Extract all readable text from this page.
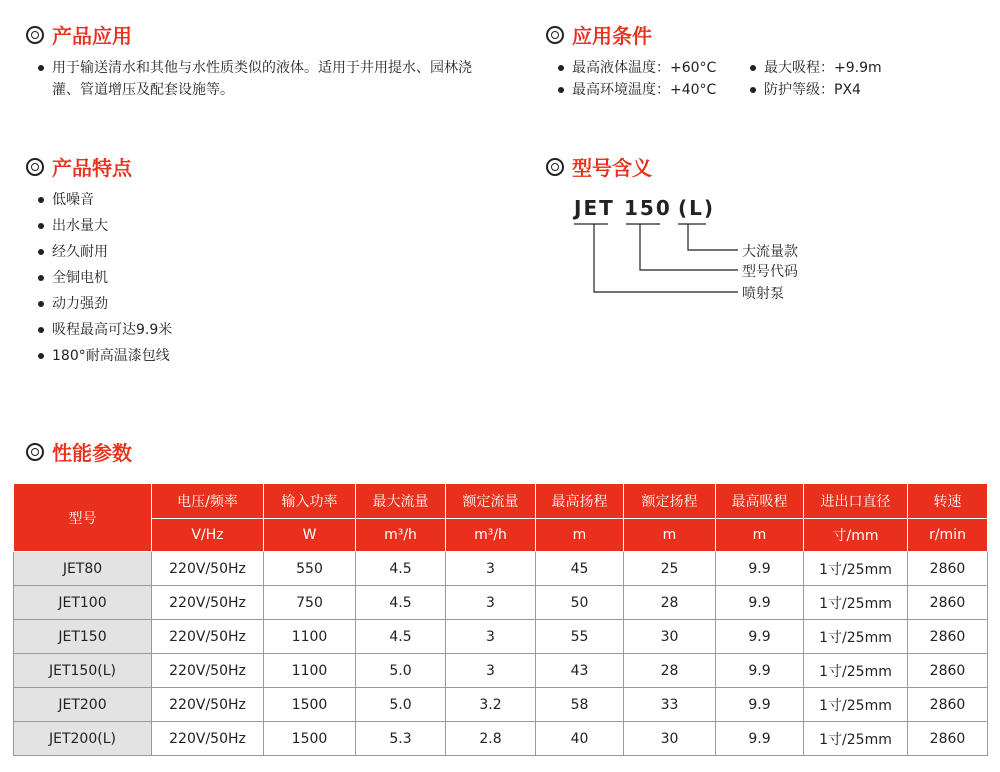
产品应用
用于输送清水和其他与水性质类似的液体。适用于井用提水、园林浇灌、管道增压及配套设施等。
应用条件
最高液体温度：+60°C	最大吸程：+9.9m
最高环境温度：+40°C	防护等级：PX4
产品特点
低噪音
出水量大
经久耐用
全铜电机
动力强劲
吸程最高可达9.9米
180°耐高温漆包线
型号含义
JET 150 (L)
大流量款
型号代码
喷射泵
性能参数
型号	电压/频率	输入功率	最大流量	额定流量	最高扬程	额定扬程	最高吸程	进出口直径	转速
	V/Hz	W	m³/h	m³/h	m	m	m	寸/mm	r/min
JET80	220V/50Hz	550	4.5	3	45	25	9.9	1寸/25mm	2860
JET100	220V/50Hz	750	4.5	3	50	28	9.9	1寸/25mm	2860
JET150	220V/50Hz	1100	4.5	3	55	30	9.9	1寸/25mm	2860
JET150(L)	220V/50Hz	1100	5.0	3	43	28	9.9	1寸/25mm	2860
JET200	220V/50Hz	1500	5.0	3.2	58	33	9.9	1寸/25mm	2860
JET200(L)	220V/50Hz	1500	5.3	2.8	40	30	9.9	1寸/25mm	2860
